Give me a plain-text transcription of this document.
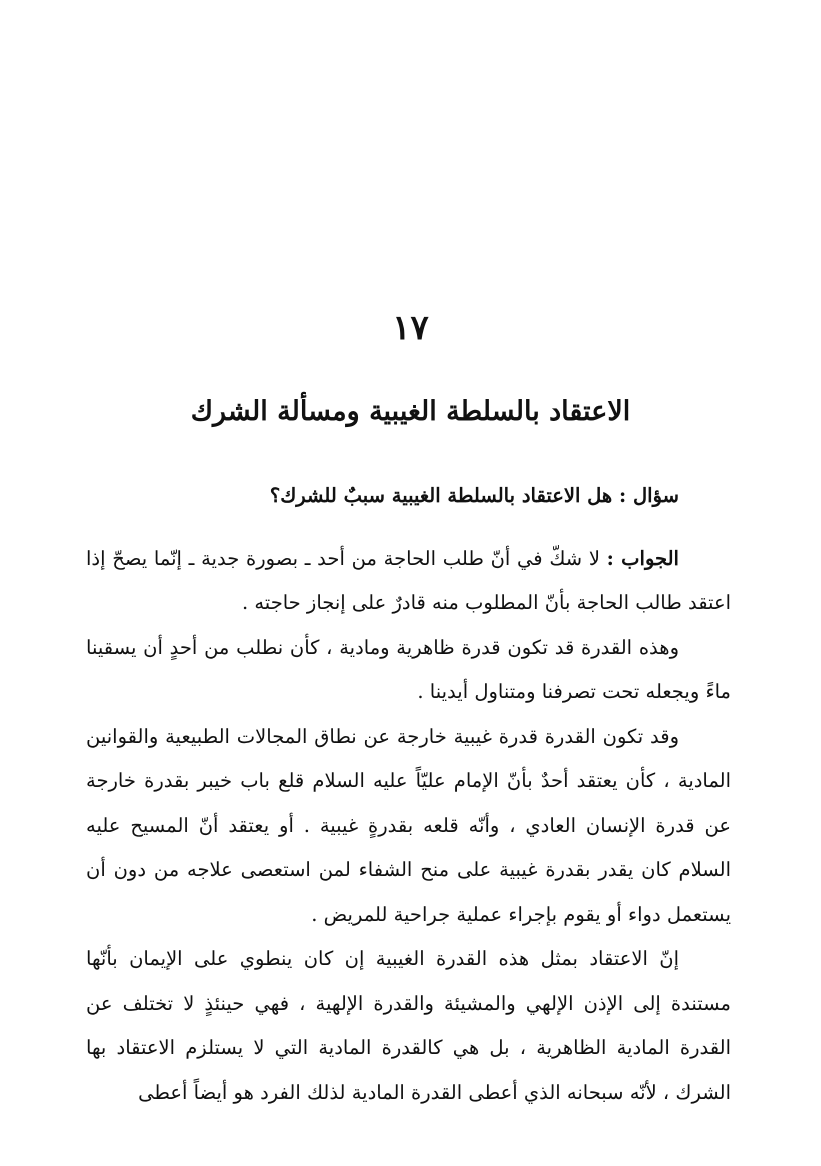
١٧
الاعتقاد بالسلطة الغيبية ومسألة الشرك

سؤال : هل الاعتقاد بالسلطة الغيبية سببٌ للشرك؟

الجواب : لا شكّ في أنّ طلب الحاجة من أحد ـ بصورة جدية ـ إنّما يصحّ إذا اعتقد طالب الحاجة بأنّ المطلوب منه قادرٌ على إنجاز حاجته .

وهذه القدرة قد تكون قدرة ظاهرية ومادية ، كأن نطلب من أحدٍ أن يسقينا ماءً ويجعله تحت تصرفنا ومتناول أيدينا .

وقد تكون القدرة قدرة غيبية خارجة عن نطاق المجالات الطبيعية والقوانين المادية ، كأن يعتقد أحدٌ بأنّ الإمام عليّاً عليه السلام قلع باب خيبر بقدرة خارجة عن قدرة الإنسان العادي ، وأنّه قلعه بقدرةٍ غيبية . أو يعتقد أنّ المسيح عليه السلام كان يقدر بقدرة غيبية على منح الشفاء لمن استعصى علاجه من دون أن يستعمل دواء أو يقوم بإجراء عملية جراحية للمريض .

إنّ الاعتقاد بمثل هذه القدرة الغيبية إن كان ينطوي على الإيمان بأنّها مستندة إلى الإذن الإلهي والمشيئة والقدرة الإلهية ، فهي حينئذٍ لا تختلف عن القدرة المادية الظاهرية ، بل هي كالقدرة المادية التي لا يستلزم الاعتقاد بها الشرك ، لأنّه سبحانه الذي أعطى القدرة المادية لذلك الفرد هو أيضاً أعطى
